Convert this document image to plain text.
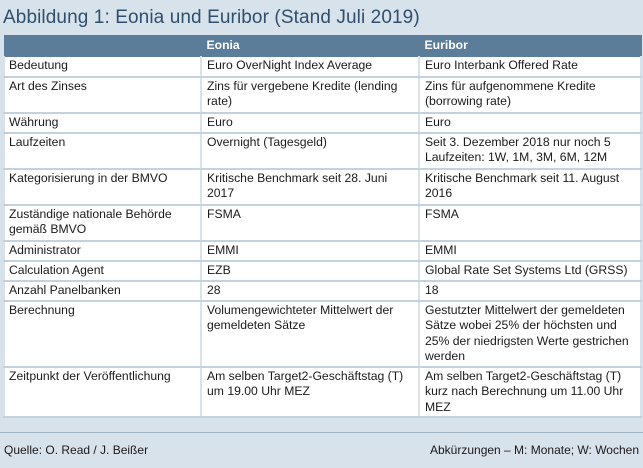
Abbildung 1: Eonia und Euribor (Stand Juli 2019)
	Eonia	Euribor
Bedeutung	Euro OverNight Index Average	Euro Interbank Offered Rate
Art des Zinses	Zins für vergebene Kredite (lending rate)	Zins für aufgenommene Kredite (borrowing rate)
Währung	Euro	Euro
Laufzeiten	Overnight (Tagesgeld)	Seit 3. Dezember 2018 nur noch 5 Laufzeiten: 1W, 1M, 3M, 6M, 12M
Kategorisierung in der BMVO	Kritische Benchmark seit 28. Juni 2017	Kritische Benchmark seit 11. August 2016
Zuständige nationale Behörde gemäß BMVO	FSMA	FSMA
Administrator	EMMI	EMMI
Calculation Agent	EZB	Global Rate Set Systems Ltd (GRSS)
Anzahl Panelbanken	28	18
Berechnung	Volumengewichteter Mittelwert der gemeldeten Sätze	Gestutzter Mittelwert der gemeldeten Sätze wobei 25% der höchsten und 25% der niedrigsten Werte gestrichen werden
Zeitpunkt der Veröffentlichung	Am selben Target2-Geschäftstag (T) um 19.00 Uhr MEZ	Am selben Target2-Geschäftstag (T) kurz nach Berechnung um 11.00 Uhr MEZ
Quelle: O. Read / J. Beißer	Abkürzungen – M: Monate; W: Wochen
